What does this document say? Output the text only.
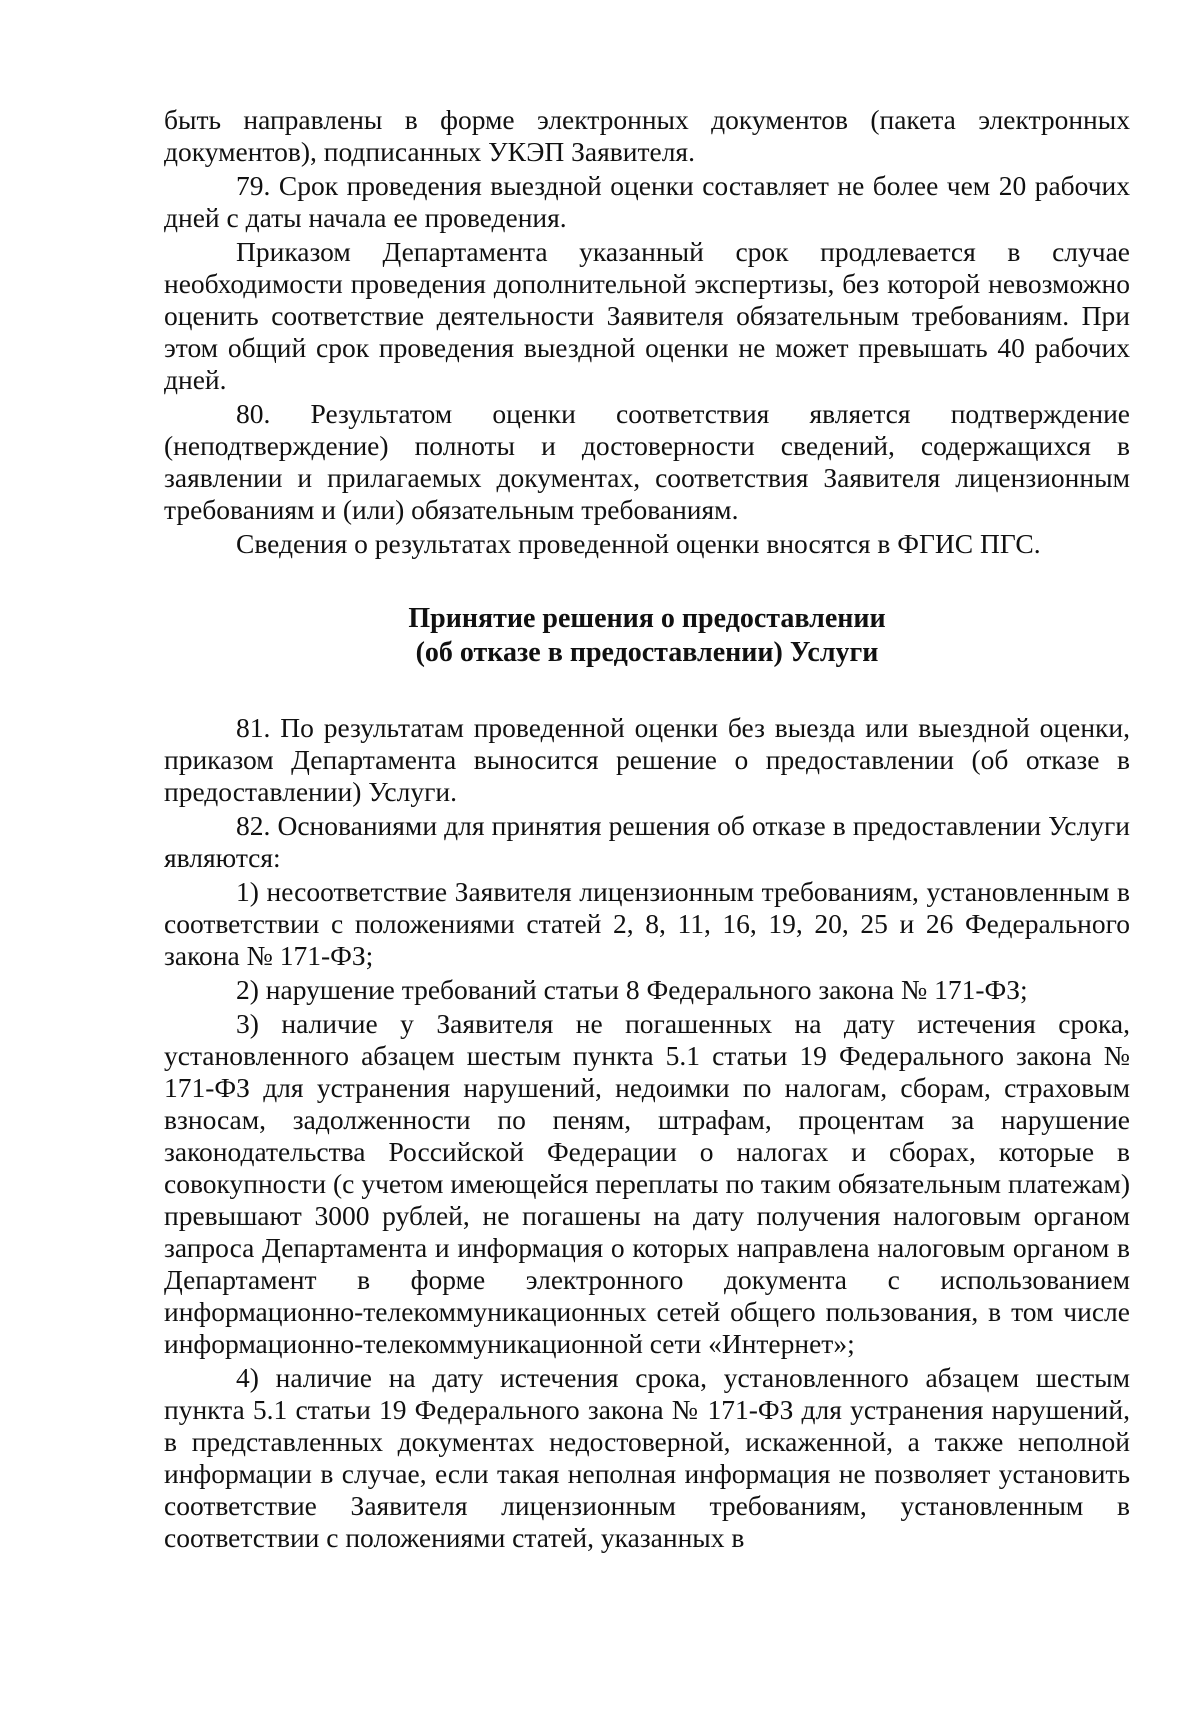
быть направлены в форме электронных документов (пакета электронных документов), подписанных УКЭП Заявителя.

79. Срок проведения выездной оценки составляет не более чем 20 рабочих дней с даты начала ее проведения.

Приказом Департамента указанный срок продлевается в случае необходимости проведения дополнительной экспертизы, без которой невозможно оценить соответствие деятельности Заявителя обязательным требованиям. При этом общий срок проведения выездной оценки не может превышать 40 рабочих дней.

80. Результатом оценки соответствия является подтверждение (неподтверждение) полноты и достоверности сведений, содержащихся в заявлении и прилагаемых документах, соответствия Заявителя лицензионным требованиям и (или) обязательным требованиям.

Сведения о результатах проведенной оценки вносятся в ФГИС ПГС.

Принятие решения о предоставлении
(об отказе в предоставлении) Услуги

81. По результатам проведенной оценки без выезда или выездной оценки, приказом Департамента выносится решение о предоставлении (об отказе в предоставлении) Услуги.

82. Основаниями для принятия решения об отказе в предоставлении Услуги являются:

1) несоответствие Заявителя лицензионным требованиям, установленным в соответствии с положениями статей 2, 8, 11, 16, 19, 20, 25 и 26 Федерального закона № 171-ФЗ;

2) нарушение требований статьи 8 Федерального закона № 171-ФЗ;

3) наличие у Заявителя не погашенных на дату истечения срока, установленного абзацем шестым пункта 5.1 статьи 19 Федерального закона № 171-ФЗ для устранения нарушений, недоимки по налогам, сборам, страховым взносам, задолженности по пеням, штрафам, процентам за нарушение законодательства Российской Федерации о налогах и сборах, которые в совокупности (с учетом имеющейся переплаты по таким обязательным платежам) превышают 3000 рублей, не погашены на дату получения налоговым органом запроса Департамента и информация о которых направлена налоговым органом в Департамент в форме электронного документа с использованием информационно-телекоммуникационных сетей общего пользования, в том числе информационно-телекоммуникационной сети «Интернет»;

4) наличие на дату истечения срока, установленного абзацем шестым пункта 5.1 статьи 19 Федерального закона № 171-ФЗ для устранения нарушений, в представленных документах недостоверной, искаженной, а также неполной информации в случае, если такая неполная информация не позволяет установить соответствие Заявителя лицензионным требованиям, установленным в соответствии с положениями статей, указанных в
